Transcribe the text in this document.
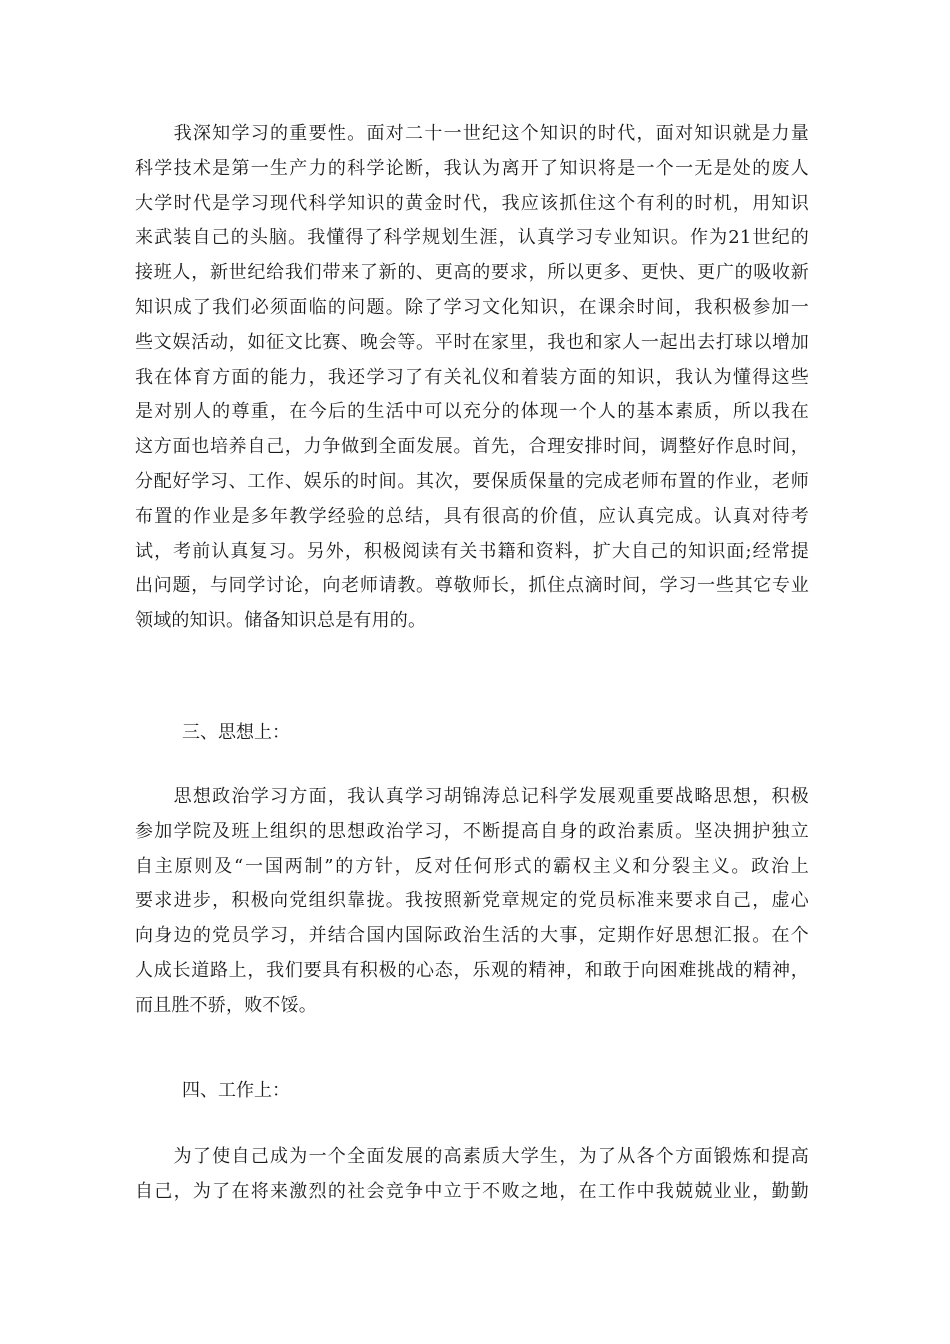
　　我深知学习的重要性。面对二十一世纪这个知识的时代，面对知识就是力量
科学技术是第一生产力的科学论断，我认为离开了知识将是一个一无是处的废人
大学时代是学习现代科学知识的黄金时代，我应该抓住这个有利的时机，用知识
来武装自己的头脑。我懂得了科学规划生涯，认真学习专业知识。作为21世纪的
接班人，新世纪给我们带来了新的、更高的要求，所以更多、更快、更广的吸收新
知识成了我们必须面临的问题。除了学习文化知识，在课余时间，我积极参加一
些文娱活动，如征文比赛、晚会等。平时在家里，我也和家人一起出去打球以增加
我在体育方面的能力，我还学习了有关礼仪和着装方面的知识，我认为懂得这些
是对别人的尊重，在今后的生活中可以充分的体现一个人的基本素质，所以我在
这方面也培养自己，力争做到全面发展。首先，合理安排时间，调整好作息时间，
分配好学习、工作、娱乐的时间。其次，要保质保量的完成老师布置的作业，老师
布置的作业是多年教学经验的总结，具有很高的价值，应认真完成。认真对待考
试，考前认真复习。另外，积极阅读有关书籍和资料，扩大自己的知识面;经常提
出问题，与同学讨论，向老师请教。尊敬师长，抓住点滴时间，学习一些其它专业
领域的知识。储备知识总是有用的。
三、思想上：
　　思想政治学习方面，我认真学习胡锦涛总记科学发展观重要战略思想，积极
参加学院及班上组织的思想政治学习，不断提高自身的政治素质。坚决拥护独立
自主原则及“一国两制”的方针，反对任何形式的霸权主义和分裂主义。政治上
要求进步，积极向党组织靠拢。我按照新党章规定的党员标准来要求自己，虚心
向身边的党员学习，并结合国内国际政治生活的大事，定期作好思想汇报。在个
人成长道路上，我们要具有积极的心态，乐观的精神，和敢于向困难挑战的精神，
而且胜不骄，败不馁。
四、工作上：
　　为了使自己成为一个全面发展的高素质大学生，为了从各个方面锻炼和提高
自己，为了在将来激烈的社会竞争中立于不败之地，在工作中我兢兢业业，勤勤
